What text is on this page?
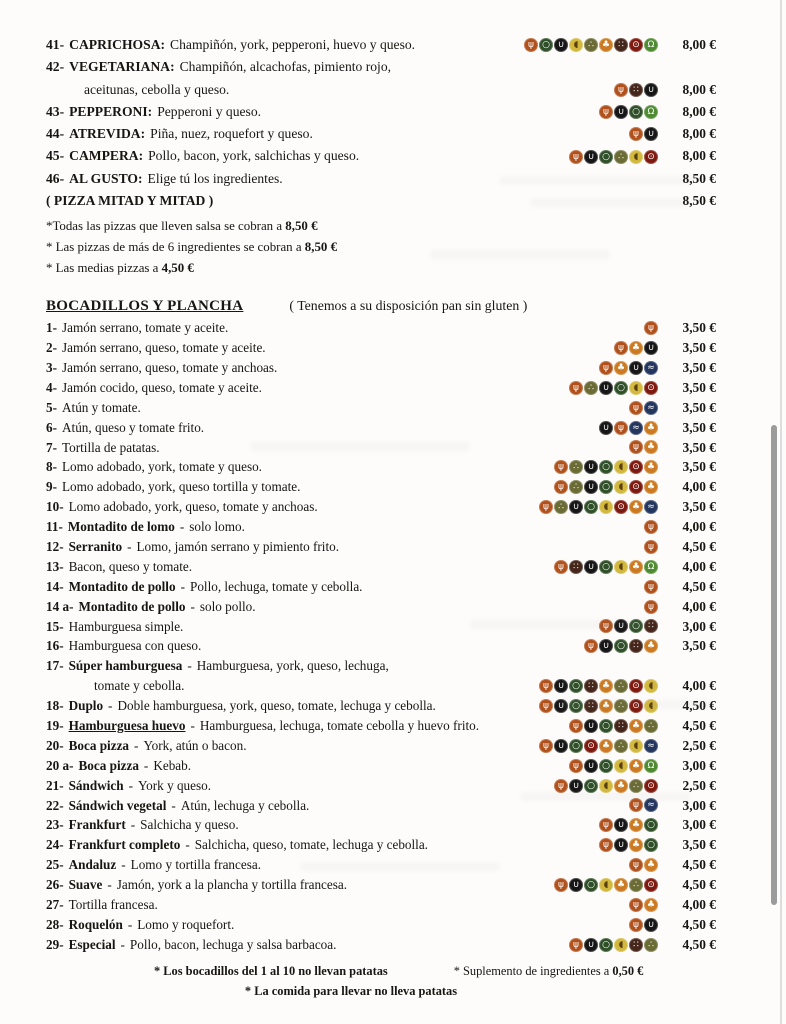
41- CAPRICHOSA: Champiñón, york, pepperoni, huevo y queso.	ψ ○ ∪	◖	∴ ♣ ∷ ⊙ Ω	8,00 €
42- VEGETARIANA: Champiñón, alcachofas, pimiento rojo,
aceitunas, cebolla y queso.	ψ	∷ ∪	8,00 €
43- PEPPERONI: Pepperoni y queso.	ψ ∪ ○ Ω	8,00 €
44- ATREVIDA: Piña, nuez, roquefort y queso.	ψ ∪	8,00 €
45- CAMPERA: Pollo, bacon, york, salchichas y queso.	ψ ∪ ○ ∴	◖ ⊙	8,00 €
46- AL GUSTO: Elige tú los ingredientes.	8,50 €
( PIZZA MITAD Y MITAD )	8,50 €
*Todas las pizzas que lleven salsa se cobran a 8,50 €
* Las pizzas de más de 6 ingredientes se cobran a 8,50 €
* Las medias pizzas a 4,50 €
BOCADILLOS Y PLANCHA	( Tenemos a su disposición pan sin gluten )
1- Jamón serrano, tomate y aceite.	ψ	3,50 €
2- Jamón serrano, queso, tomate y aceite.	ψ ♣ ∪	3,50 €
3- Jamón serrano, queso, tomate y anchoas.	ψ ♣ ∪ ≈	3,50 €
4- Jamón cocido, queso, tomate y aceite.	ψ	∴ ∪ ○ ◖ ⊙	3,50 €
5- Atún y tomate.	ψ ≈	3,50 €
6- Atún, queso y tomate frito.	∪ ψ ≈ ♣	3,50 €
7- Tortilla de patatas.	ψ ♣	3,50 €
8- Lomo adobado, york, tomate y queso.	ψ	∴ ∪ ○ ◖ ⊙ ♣	3,50 €
9- Lomo adobado, york, queso tortilla y tomate.	ψ	∴ ∪ ○ ◖ ⊙ ♣	4,00 €
10- Lomo adobado, york, queso, tomate y anchoas.	ψ	∴ ∪ ○ ◖ ⊙ ♣ ≈	3,50 €
11- Montadito de lomo - solo lomo.	ψ	4,00 €
12- Serranito - Lomo, jamón serrano y pimiento frito.	ψ	4,50 €
13- Bacon, queso y tomate.	ψ	∷ ∪ ○ ◖ ♣ Ω	4,00 €
14- Montadito de pollo - Pollo, lechuga, tomate y cebolla.	ψ	4,50 €
14 a- Montadito de pollo - solo pollo.	ψ	4,00 €
15- Hamburguesa simple.	ψ ∪ ○ ∷	3,00 €
16- Hamburguesa con queso.	ψ ∪ ○ ∷ ♣	3,50 €
17- Súper hamburguesa - Hamburguesa, york, queso, lechuga,
tomate y cebolla.	ψ ∪ ○ ∷ ♣ ∴ ⊙ ◖	4,00 €
18- Duplo - Doble hamburguesa, york, queso, tomate, lechuga y cebolla.	ψ ∪ ○ ∷ ♣ ∴ ⊙ ◖	4,50 €
19- Hamburguesa huevo - Hamburguesa, lechuga, tomate cebolla y huevo frito.	ψ ∪ ○ ∷ ♣ ∴	4,50 €
20- Boca pizza - York, atún o bacon.	ψ ∪ ○ ⊙ ♣ ∴	◖ ≈	2,50 €
20 a- Boca pizza - Kebab.	ψ ∪ ○ ◖ ♣ Ω	3,00 €
21- Sándwich - York y queso.	ψ ∪ ○ ◖ ♣ ∴ ⊙	2,50 €
22- Sándwich vegetal - Atún, lechuga y cebolla.	ψ ≈	3,00 €
23- Frankfurt - Salchicha y queso.	ψ ∪ ♣ ○	3,00 €
24- Frankfurt completo - Salchicha, queso, tomate, lechuga y cebolla.	ψ ∪ ♣ ○	3,50 €
25- Andaluz - Lomo y tortilla francesa.	ψ ♣	4,50 €
26- Suave - Jamón, york a la plancha y tortilla francesa.	ψ ∪ ○ ◖ ♣ ∴ ⊙	4,50 €
27- Tortilla francesa.	ψ ♣	4,00 €
28- Roquelón - Lomo y roquefort.	ψ ∪	4,50 €
29- Especial - Pollo, bacon, lechuga y salsa barbacoa.	ψ ∪ ○ ◖	∷	∴	4,50 €
* Los bocadillos del 1 al 10 no llevan patatas	* Suplemento de ingredientes a 0,50 €
* La comida para llevar no lleva patatas
